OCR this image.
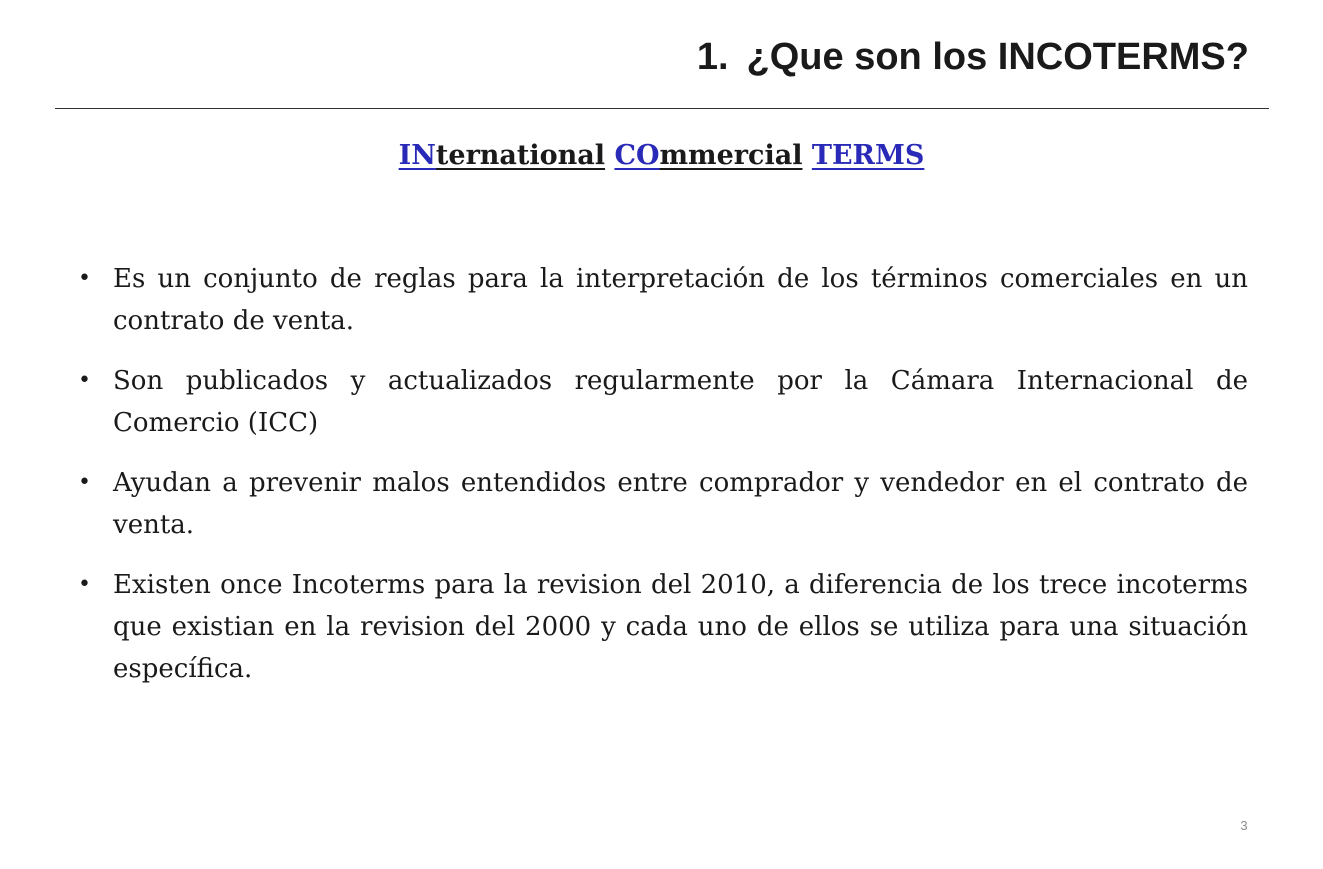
1. ¿Que son los INCOTERMS?
INternational COmmercial TERMS
• Es un conjunto de reglas para la interpretación de los términos comerciales en un contrato de venta.
• Son publicados y actualizados regularmente por la Cámara Internacional de Comercio (ICC)
• Ayudan a prevenir malos entendidos entre comprador y vendedor en el contrato de venta.
• Existen once Incoterms para la revision del 2010, a diferencia de los trece incoterms que existian en la revision del 2000 y cada uno de ellos se utiliza para una situación específica.
3
